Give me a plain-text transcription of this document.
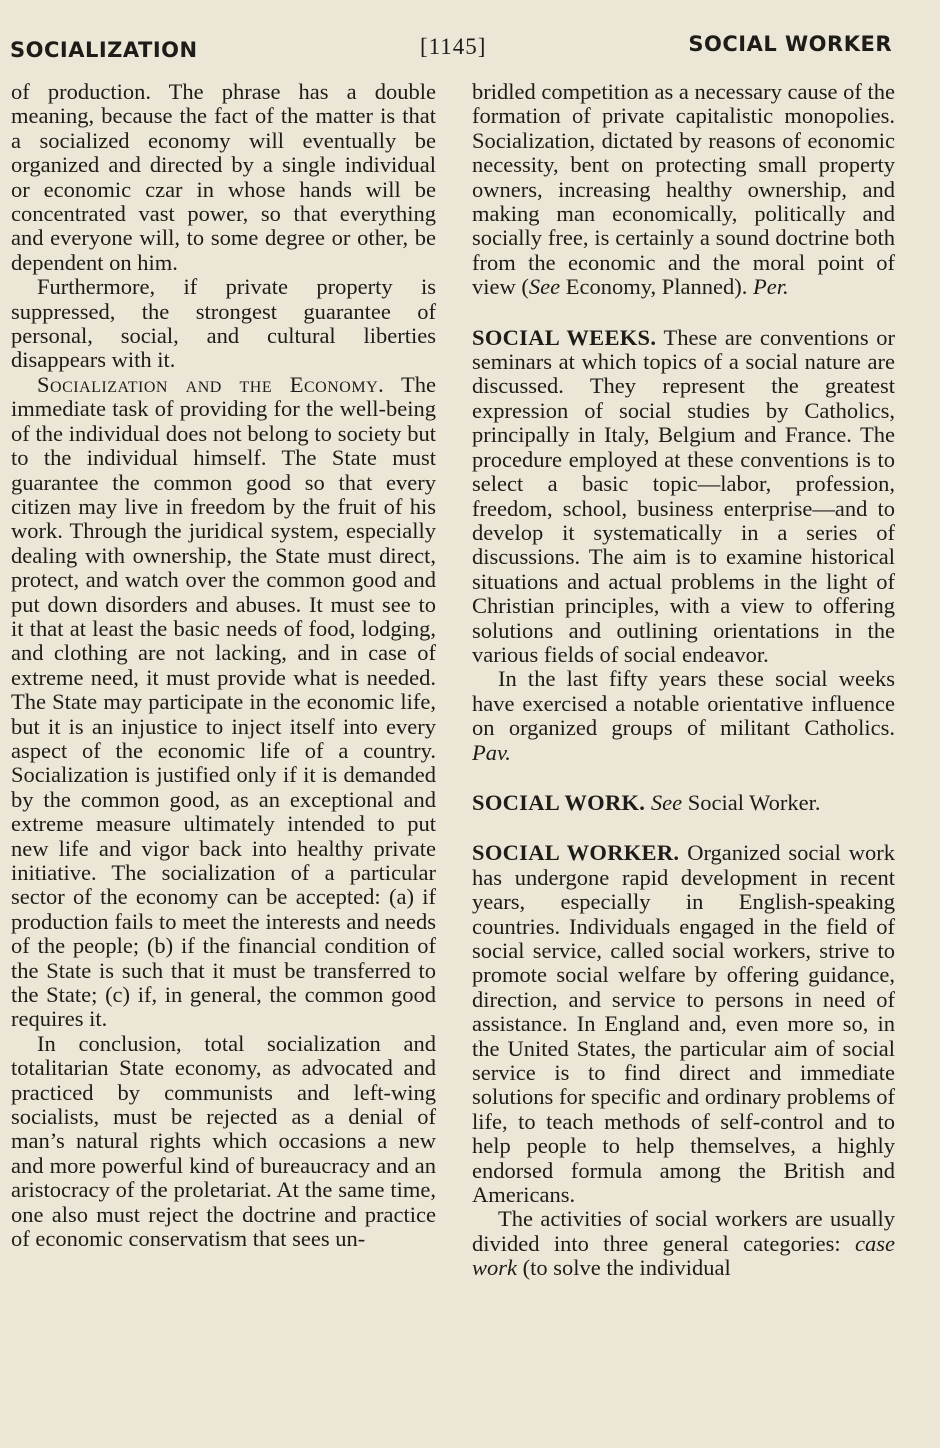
SOCIALIZATION	[1145]	SOCIAL WORKER

of production. The phrase has a double meaning, because the fact of the matter is that a socialized economy will eventually be organized and directed by a single individual or economic czar in whose hands will be concentrated vast power, so that everything and everyone will, to some degree or other, be dependent on him.

Furthermore, if private property is suppressed, the strongest guarantee of personal, social, and cultural liberties disappears with it.

Socialization and the Economy. The immediate task of providing for the well-being of the individual does not belong to society but to the individual himself. The State must guarantee the common good so that every citizen may live in freedom by the fruit of his work. Through the juridical system, especially dealing with ownership, the State must direct, protect, and watch over the common good and put down disorders and abuses. It must see to it that at least the basic needs of food, lodging, and clothing are not lacking, and in case of extreme need, it must provide what is needed. The State may participate in the economic life, but it is an injustice to inject itself into every aspect of the economic life of a country. Socialization is justified only if it is demanded by the common good, as an exceptional and extreme measure ultimately intended to put new life and vigor back into healthy private initiative. The socialization of a particular sector of the economy can be accepted: (a) if production fails to meet the interests and needs of the people; (b) if the financial condition of the State is such that it must be transferred to the State; (c) if, in general, the common good requires it.

In conclusion, total socialization and totalitarian State economy, as advocated and practiced by communists and left-wing socialists, must be rejected as a denial of man’s natural rights which occasions a new and more powerful kind of bureaucracy and an aristocracy of the proletariat. At the same time, one also must reject the doctrine and practice of economic conservatism that sees un-

bridled competition as a necessary cause of the formation of private capitalistic monopolies. Socialization, dictated by reasons of economic necessity, bent on protecting small property owners, increasing healthy ownership, and making man economically, politically and socially free, is certainly a sound doctrine both from the economic and the moral point of view (See Economy, Planned). Per.

SOCIAL WEEKS. These are conventions or seminars at which topics of a social nature are discussed. They represent the greatest expression of social studies by Catholics, principally in Italy, Belgium and France. The procedure employed at these conventions is to select a basic topic—labor, profession, freedom, school, business enterprise—and to develop it systematically in a series of discussions. The aim is to examine historical situations and actual problems in the light of Christian principles, with a view to offering solutions and outlining orientations in the various fields of social endeavor.

In the last fifty years these social weeks have exercised a notable orientative influence on organized groups of militant Catholics. Pav.

SOCIAL WORK. See Social Worker.

SOCIAL WORKER. Organized social work has undergone rapid development in recent years, especially in English-speaking countries. Individuals engaged in the field of social service, called social workers, strive to promote social welfare by offering guidance, direction, and service to persons in need of assistance. In England and, even more so, in the United States, the particular aim of social service is to find direct and immediate solutions for specific and ordinary problems of life, to teach methods of self-control and to help people to help themselves, a highly endorsed formula among the British and Americans.

The activities of social workers are usually divided into three general categories: case work (to solve the individual
